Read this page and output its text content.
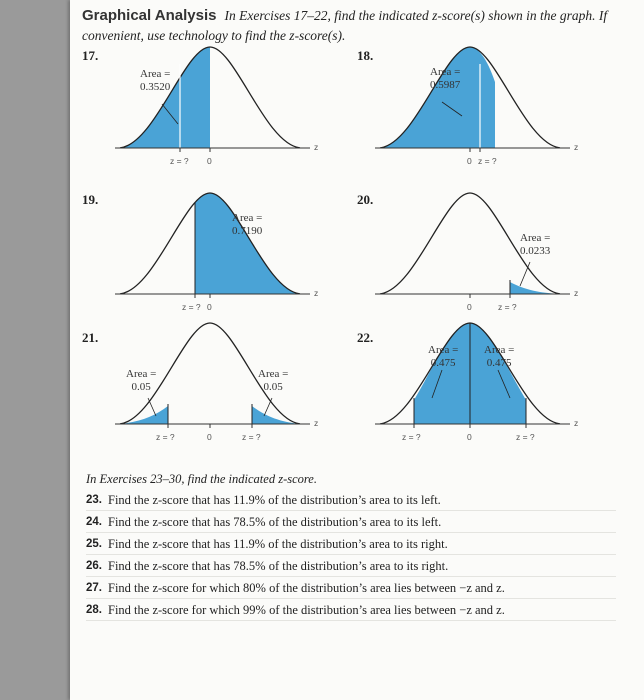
Graphical Analysis In Exercises 17–22, find the indicated z-score(s) shown in the graph. If convenient, use technology to find the z-score(s).
17.
Area =
0.3520
z = ? 0
z
18.
Area =
0.5987
0 z = ?
z
19.
Area =
0.7190
z = ? 0
z
20.
Area =
0.0233
0	z = ?
z
21.
Area =
0.05
Area =
0.05
z = ?	0	z = ?
z
22.
Area =
0.475
Area =
0.475
z = ?	0	z = ?
z
In Exercises 23–30, find the indicated z-score.
23. Find the z-score that has 11.9% of the distribution’s area to its left.
24. Find the z-score that has 78.5% of the distribution’s area to its left.
25. Find the z-score that has 11.9% of the distribution’s area to its right.
26. Find the z-score that has 78.5% of the distribution’s area to its right.
27. Find the z-score for which 80% of the distribution’s area lies between −z and z.
28. Find the z-score for which 99% of the distribution’s area lies between −z and z.
